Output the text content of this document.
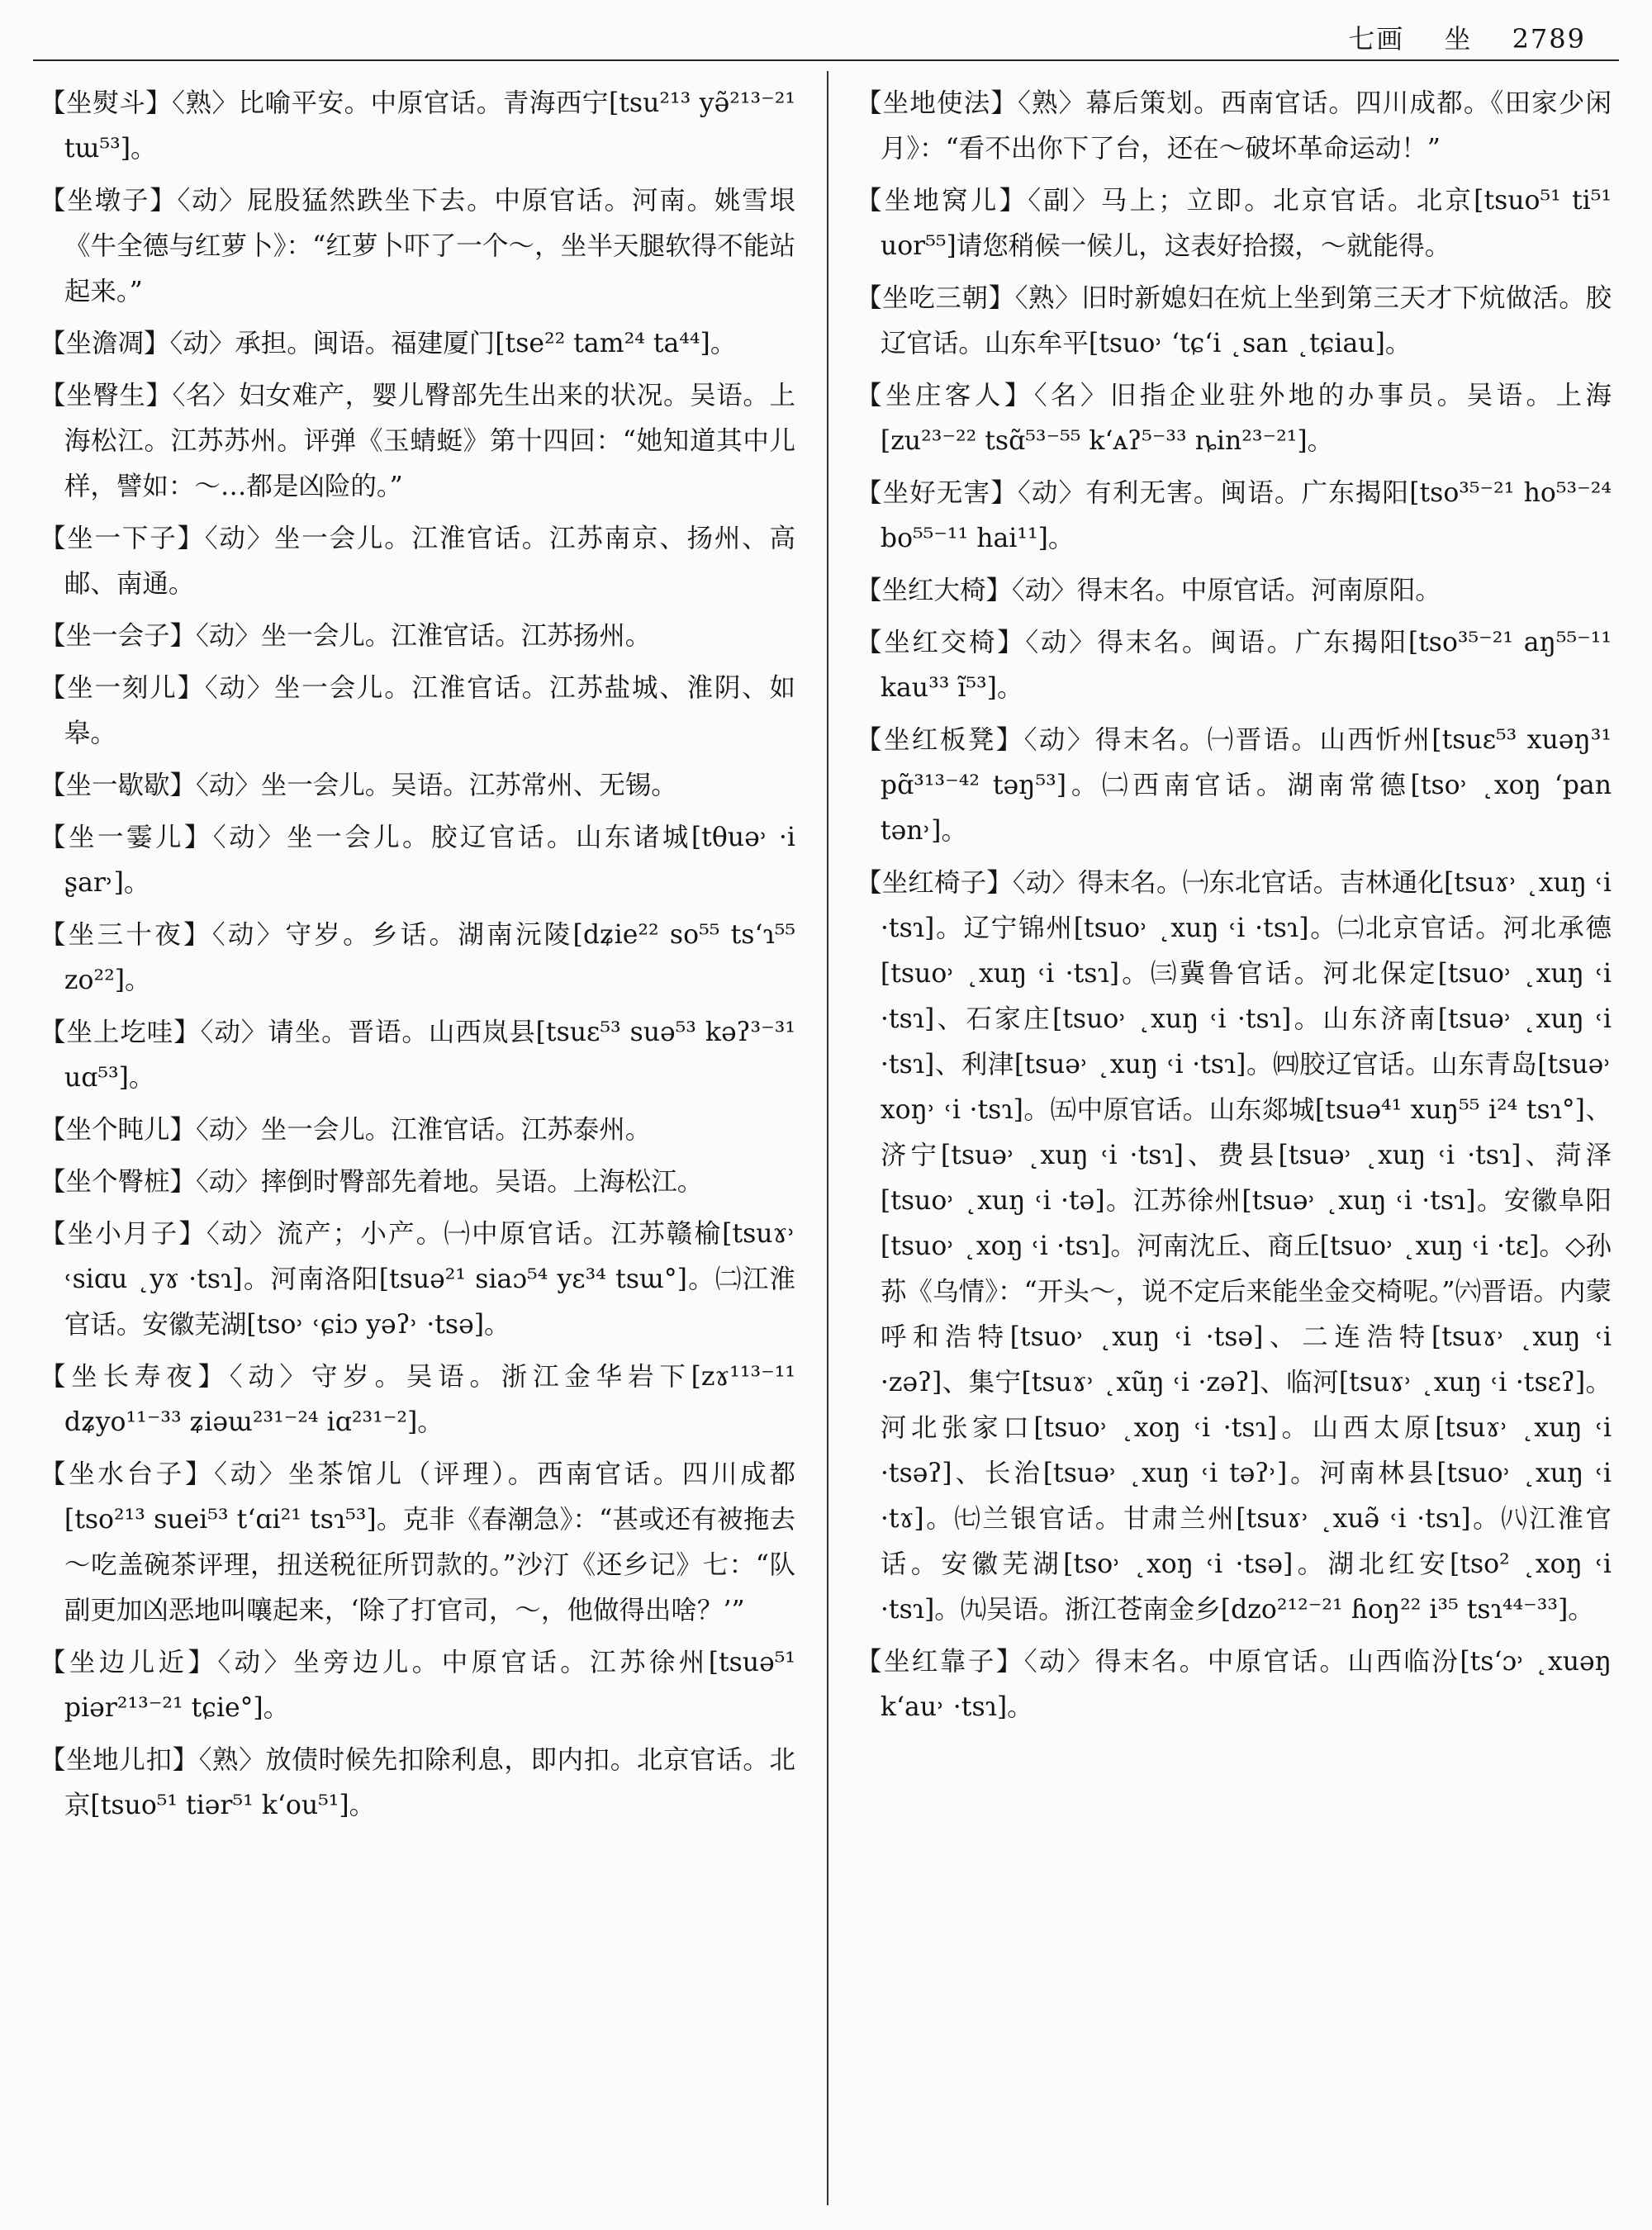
七画 坐 2789

【坐熨斗】〈熟〉比喻平安。中原官话。青海西宁[tsu²¹³ yə̃²¹³⁻²¹ tɯ⁵³]。

【坐墩子】〈动〉屁股猛然跌坐下去。中原官话。河南。姚雪垠《牛全德与红萝卜》：“红萝卜吓了一个～，坐半天腿软得不能站起来。”

【坐澹凋】〈动〉承担。闽语。福建厦门[tse²² tam²⁴ ta⁴⁴]。

【坐臀生】〈名〉妇女难产，婴儿臀部先生出来的状况。吴语。上海松江。江苏苏州。评弹《玉蜻蜓》第十四回：“她知道其中儿样，譬如：～…都是凶险的。”

【坐一下子】〈动〉坐一会儿。江淮官话。江苏南京、扬州、高邮、南通。

【坐一会子】〈动〉坐一会儿。江淮官话。江苏扬州。

【坐一刻儿】〈动〉坐一会儿。江淮官话。江苏盐城、淮阴、如皋。

【坐一歇歇】〈动〉坐一会儿。吴语。江苏常州、无锡。

【坐一霎儿】〈动〉坐一会儿。胶辽官话。山东诸城[tθuə˒ ·i ʂar˒]。

【坐三十夜】〈动〉守岁。乡话。湖南沅陵[dʑie²² so⁵⁵ ts‘ɿ⁵⁵ zo²²]。

【坐上圪哇】〈动〉请坐。晋语。山西岚县[tsuɛ⁵³ suə⁵³ kəʔ³⁻³¹ uɑ⁵³]。

【坐个盹儿】〈动〉坐一会儿。江淮官话。江苏泰州。

【坐个臀桩】〈动〉摔倒时臀部先着地。吴语。上海松江。

【坐小月子】〈动〉流产；小产。㈠中原官话。江苏赣榆[tsuɤ˒ ˓siɑu ˛yɤ ·tsɿ]。河南洛阳[tsuə²¹ siaɔ⁵⁴ yɛ³⁴ tsɯ°]。㈡江淮官话。安徽芜湖[tso˒ ˓ɕiɔ yəʔ˒ ·tsə]。

【坐长寿夜】〈动〉守岁。吴语。浙江金华岩下[zɤ¹¹³⁻¹¹ dʑyo¹¹⁻³³ ʑiəɯ²³¹⁻²⁴ iɑ²³¹⁻²]。

【坐水台子】〈动〉坐茶馆儿（评理）。西南官话。四川成都[tso²¹³ suei⁵³ t‘ɑi²¹ tsɿ⁵³]。克非《春潮急》：“甚或还有被拖去～吃盖碗茶评理，扭送税征所罚款的。”沙汀《还乡记》七：“队副更加凶恶地叫嚷起来，‘除了打官司，～，他做得出啥？’”

【坐边儿近】〈动〉坐旁边儿。中原官话。江苏徐州[tsuə⁵¹ piər²¹³⁻²¹ tɕie°]。

【坐地儿扣】〈熟〉放债时候先扣除利息，即内扣。北京官话。北京[tsuo⁵¹ tiər⁵¹ k‘ou⁵¹]。

【坐地使法】〈熟〉幕后策划。西南官话。四川成都。《田家少闲月》：“看不出你下了台，还在～破坏革命运动！”

【坐地窝儿】〈副〉马上；立即。北京官话。北京[tsuo⁵¹ ti⁵¹ uor⁵⁵]请您稍候一候儿，这表好拾掇，～就能得。

【坐吃三朝】〈熟〉旧时新媳妇在炕上坐到第三天才下炕做活。胶辽官话。山东牟平[tsuo˒ ‘tɕ‘i ˛san ˛tɕiau]。

【坐庄客人】〈名〉旧指企业驻外地的办事员。吴语。上海[zu²³⁻²² tsɑ̃⁵³⁻⁵⁵ k‘ᴀʔ⁵⁻³³ ȵin²³⁻²¹]。

【坐好无害】〈动〉有利无害。闽语。广东揭阳[tso³⁵⁻²¹ ho⁵³⁻²⁴ bo⁵⁵⁻¹¹ hai¹¹]。

【坐红大椅】〈动〉得末名。中原官话。河南原阳。

【坐红交椅】〈动〉得末名。闽语。广东揭阳[tso³⁵⁻²¹ aŋ⁵⁵⁻¹¹ kau³³ ĩ⁵³]。

【坐红板凳】〈动〉得末名。㈠晋语。山西忻州[tsuɛ⁵³ xuəŋ³¹ pɑ̃³¹³⁻⁴² təŋ⁵³]。㈡西南官话。湖南常德[tso˒ ˛xoŋ ‘pan tən˒]。

【坐红椅子】〈动〉得末名。㈠东北官话。吉林通化[tsuɤ˒ ˛xuŋ ˓i ·tsɿ]。辽宁锦州[tsuo˒ ˛xuŋ ˓i ·tsɿ]。㈡北京官话。河北承德[tsuo˒ ˛xuŋ ˓i ·tsɿ]。㈢冀鲁官话。河北保定[tsuo˒ ˛xuŋ ˓i ·tsɿ]、石家庄[tsuo˒ ˛xuŋ ˓i ·tsɿ]。山东济南[tsuə˒ ˛xuŋ ˓i ·tsɿ]、利津[tsuə˒ ˛xuŋ ˓i ·tsɿ]。㈣胶辽官话。山东青岛[tsuə˒ xoŋ˒ ˓i ·tsɿ]。㈤中原官话。山东郯城[tsuə⁴¹ xuŋ⁵⁵ i²⁴ tsɿ°]、济宁[tsuə˒ ˛xuŋ ˓i ·tsɿ]、费县[tsuə˒ ˛xuŋ ˓i ·tsɿ]、菏泽[tsuo˒ ˛xuŋ ˓i ·tə]。江苏徐州[tsuə˒ ˛xuŋ ˓i ·tsɿ]。安徽阜阳[tsuo˒ ˛xoŋ ˓i ·tsɿ]。河南沈丘、商丘[tsuo˒ ˛xuŋ ˓i ·tɛ]。◇孙荪《乌情》：“开头～，说不定后来能坐金交椅呢。”㈥晋语。内蒙呼和浩特[tsuo˒ ˛xuŋ ˓i ·tsə]、二连浩特[tsuɤ˒ ˛xuŋ ˓i ·zəʔ]、集宁[tsuɤ˒ ˛xũŋ ˓i ·zəʔ]、临河[tsuɤ˒ ˛xuŋ ˓i ·tsɛʔ]。河北张家口[tsuo˒ ˛xoŋ ˓i ·tsɿ]。山西太原[tsuɤ˒ ˛xuŋ ˓i ·tsəʔ]、长治[tsuə˒ ˛xuŋ ˓i təʔ˒]。河南林县[tsuo˒ ˛xuŋ ˓i ·tɤ]。㈦兰银官话。甘肃兰州[tsuɤ˒ ˛xuə̃ ˓i ·tsɿ]。㈧江淮官话。安徽芜湖[tso˒ ˛xoŋ ˓i ·tsə]。湖北红安[tso² ˛xoŋ ˓i ·tsɿ]。㈨吴语。浙江苍南金乡[dzo²¹²⁻²¹ ɦoŋ²² i³⁵ tsɿ⁴⁴⁻³³]。

【坐红靠子】〈动〉得末名。中原官话。山西临汾[ts‘ɔ˒ ˛xuəŋ k‘au˒ ·tsɿ]。
